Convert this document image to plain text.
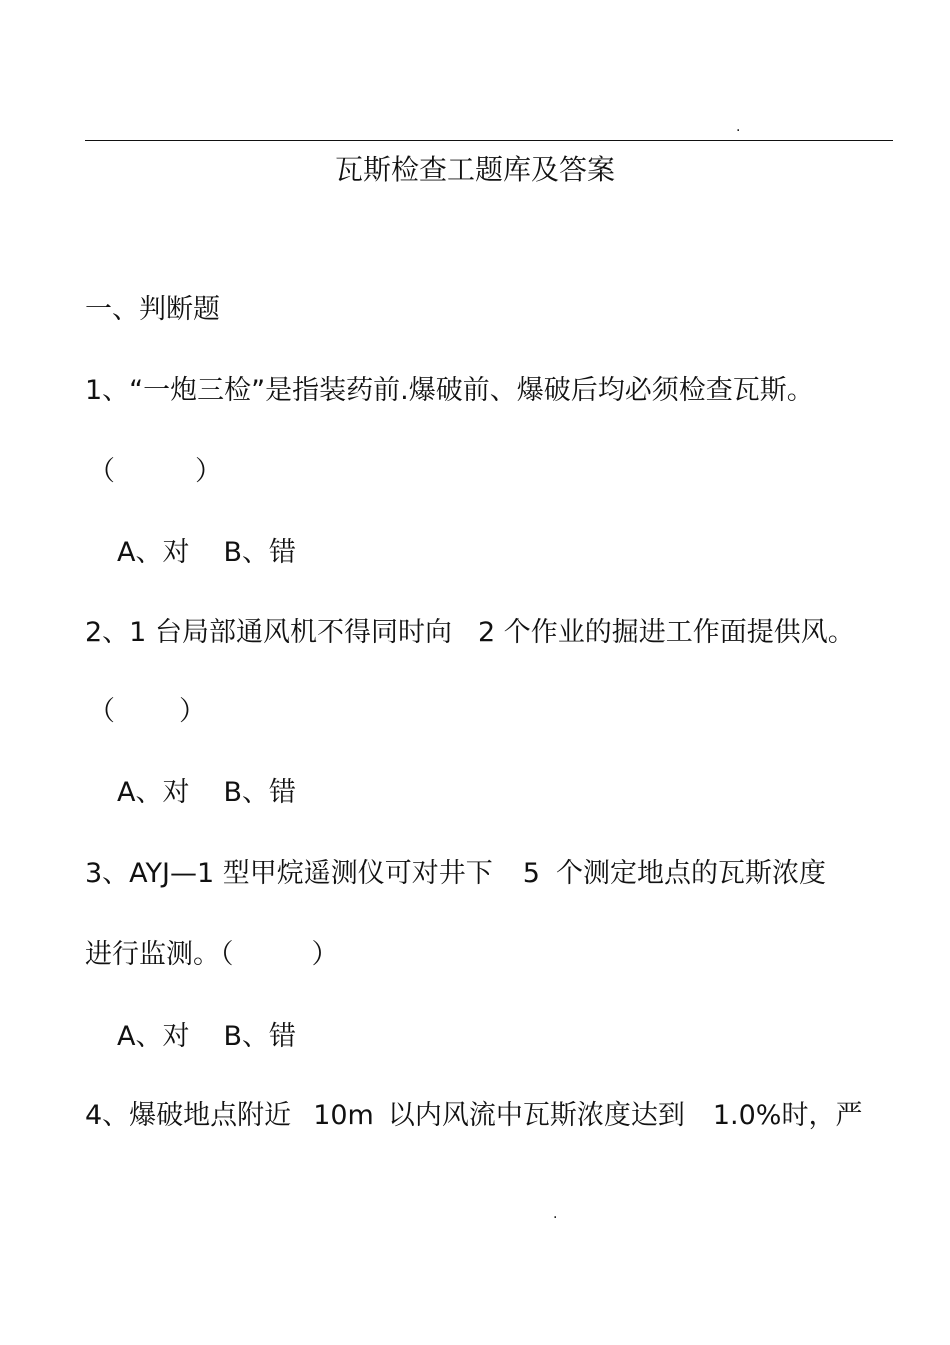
.
瓦斯检查工题库及答案
一、判断题
1、“一炮三检”是指装药前.爆破前、爆破后均必须检查瓦斯。
（	）
A、对 B、错
2、1 台局部通风机不得同时向 2 个作业的掘进工作面提供风。
（ ）
A、对 B、错
3、AYJ—1 型甲烷遥测仪可对井下 5 个测定地点的瓦斯浓度
进行监测。（	）
A、对 B、错
4、爆破地点附近 10m 以内风流中瓦斯浓度达到 1.0%时，严
.
